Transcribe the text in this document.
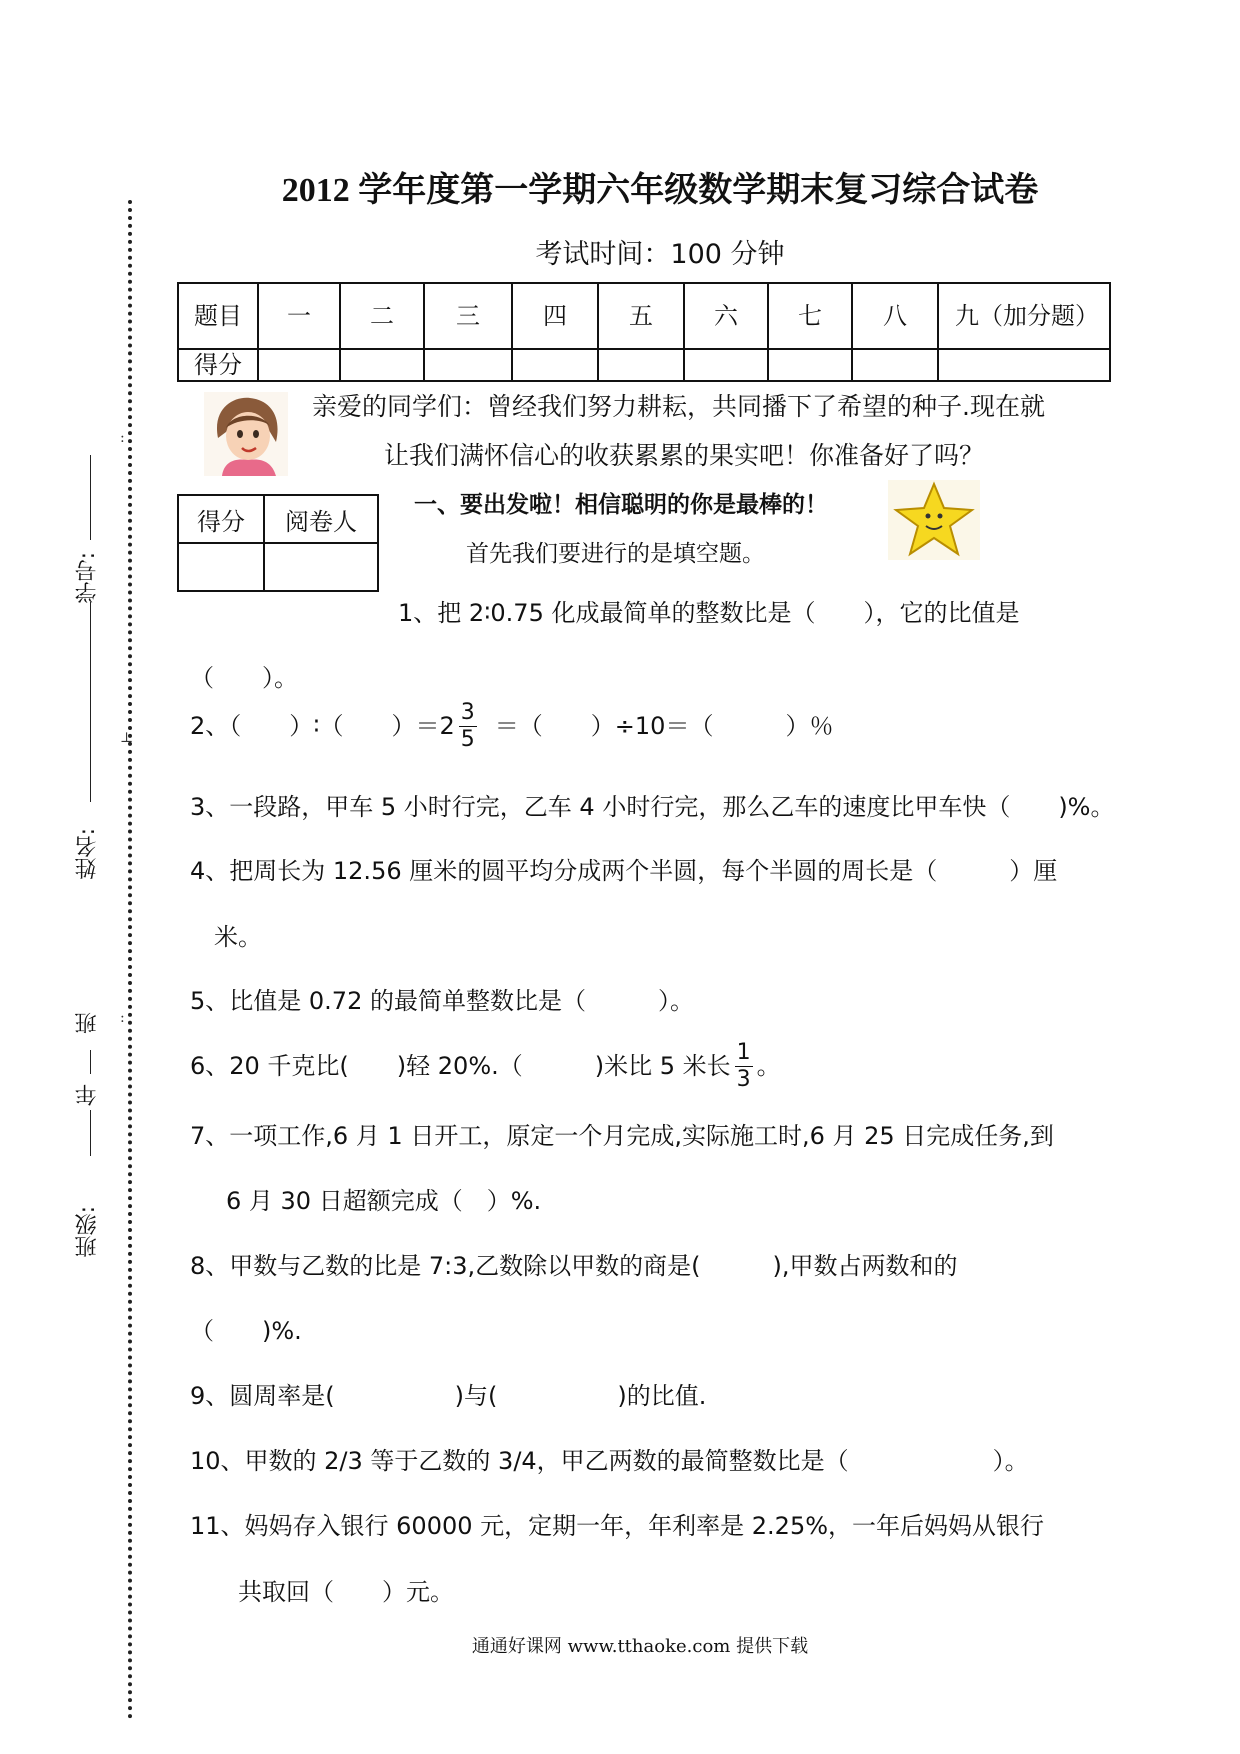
学号:
姓名:
年
班
班级:
:
⊥
:
2012 学年度第一学期六年级数学期末复习综合试卷
考试时间：100 分钟
题目	一	二	三	四	五	六	七	八	九（加分题）
得分									
亲爱的同学们：曾经我们努力耕耘，共同播下了希望的种子.现在就
让我们满怀信心的收获累累的果实吧！你准备好了吗？
得分	阅卷人

一、要出发啦！相信聪明的你是最棒的！
首先我们要进行的是填空题。
1、把 2∶0.75 化成最简单的整数比是（　　），它的比值是
（　　）。
2、（　　）∶（　　）$=2 \frac{3}{5}$ ＝（　　）÷10＝（　　　）％
3、一段路，甲车 5 小时行完，乙车 4 小时行完，那么乙车的速度比甲车快（　　)%。
4、把周长为 12.56 厘米的圆平均分成两个半圆，每个半圆的周长是（　　　）厘
米。
5、比值是 0.72 的最简单整数比是（　　　）。
6、20 千克比(　　)轻 20%.（　　　)米比 5 米长 $\frac{1}{3}$ 。
7、一项工作,6 月 1 日开工，原定一个月完成,实际施工时,6 月 25 日完成任务,到
6 月 30 日超额完成（　）%.
8、甲数与乙数的比是 7:3,乙数除以甲数的商是(　　　),甲数占两数和的
（　　)%.
9、圆周率是(　　　　　)与(　　　　　)的比值.
10、甲数的 2/3 等于乙数的 3/4，甲乙两数的最简整数比是（　　　　　　）。
11、妈妈存入银行 60000 元，定期一年，年利率是 2.25%，一年后妈妈从银行
共取回（　　）元。
通通好课网 www.tthaoke.com 提供下载
